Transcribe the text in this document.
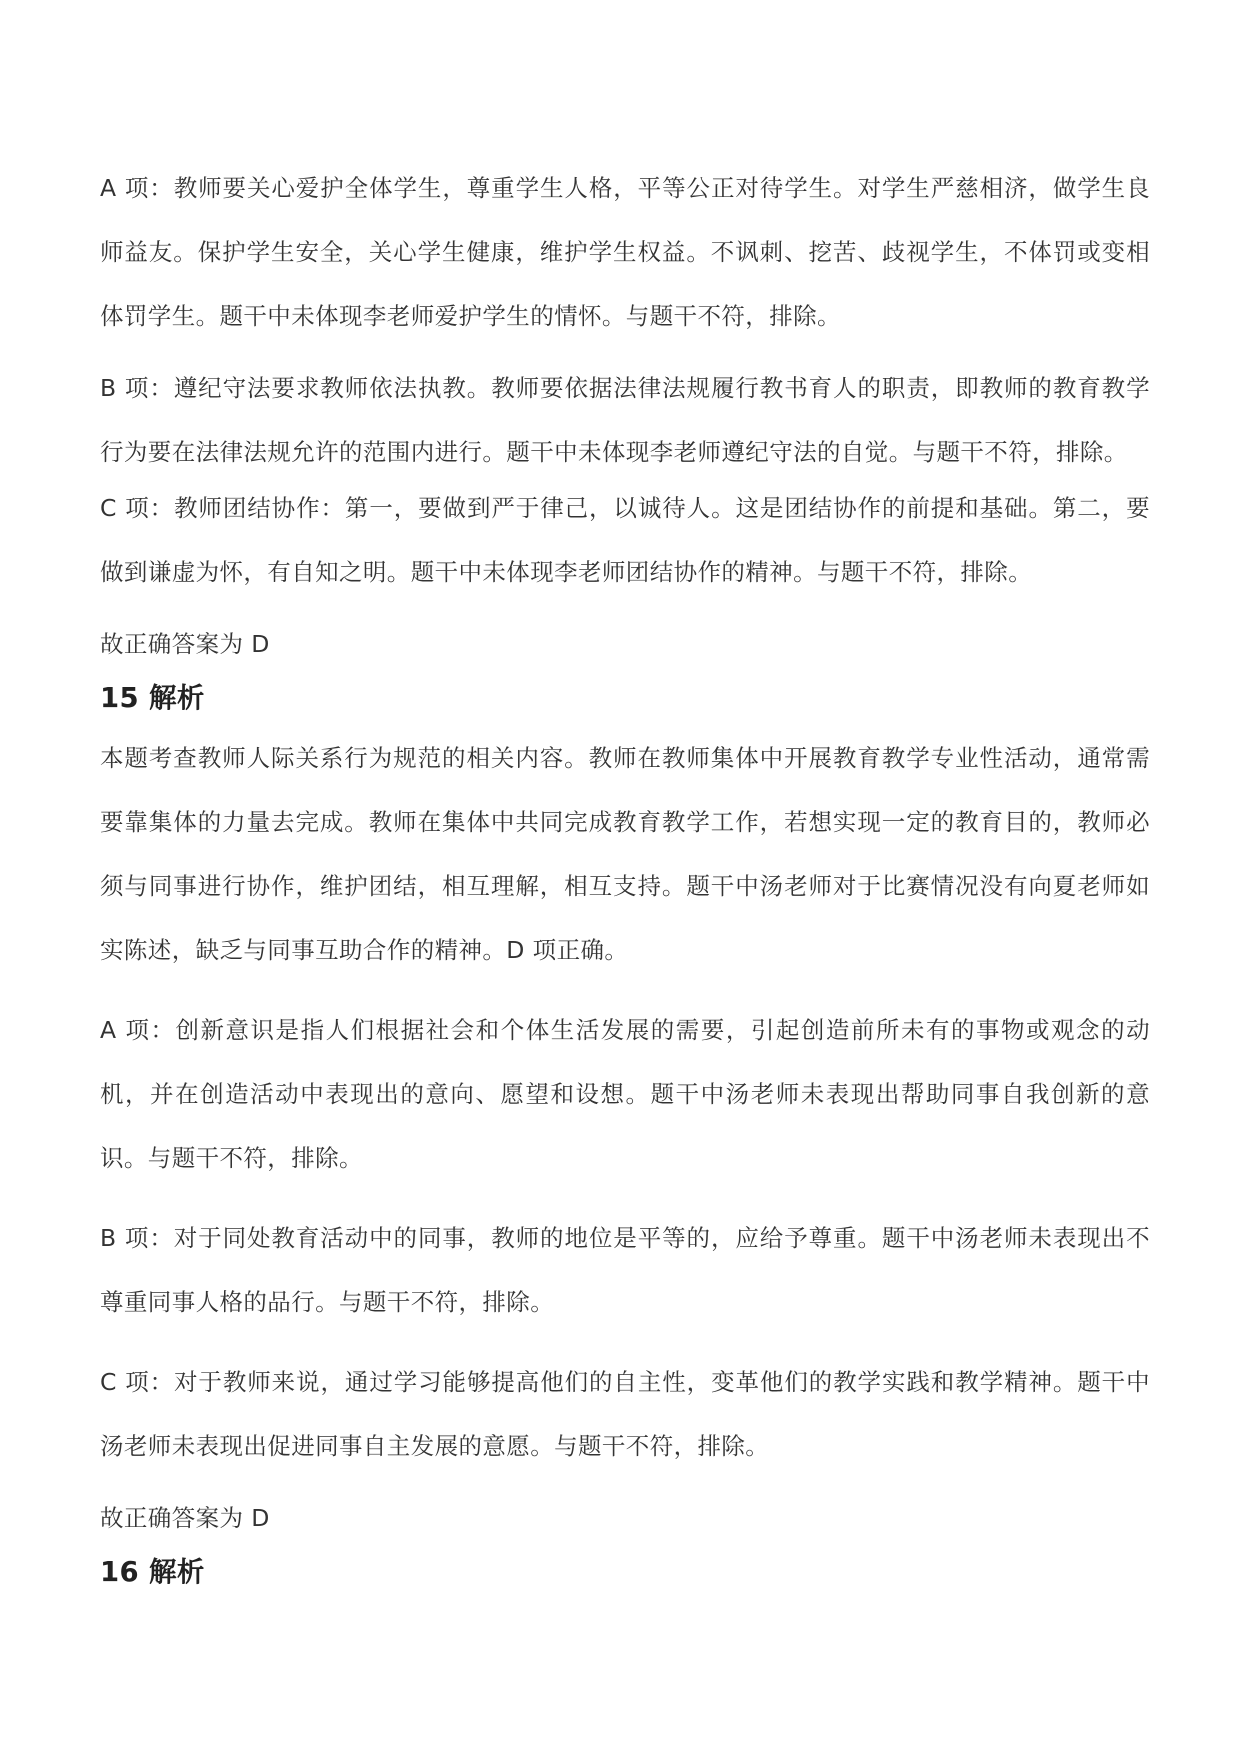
A 项：教师要关心爱护全体学生，尊重学生人格，平等公正对待学生。对学生严慈相济，做学生良师益友。保护学生安全，关心学生健康，维护学生权益。不讽刺、挖苦、歧视学生，不体罚或变相体罚学生。题干中未体现李老师爱护学生的情怀。与题干不符，排除。

B 项：遵纪守法要求教师依法执教。教师要依据法律法规履行教书育人的职责，即教师的教育教学行为要在法律法规允许的范围内进行。题干中未体现李老师遵纪守法的自觉。与题干不符，排除。

C 项：教师团结协作：第一，要做到严于律己，以诚待人。这是团结协作的前提和基础。第二，要做到谦虚为怀，有自知之明。题干中未体现李老师团结协作的精神。与题干不符，排除。

故正确答案为 D

15 解析

本题考查教师人际关系行为规范的相关内容。教师在教师集体中开展教育教学专业性活动，通常需要靠集体的力量去完成。教师在集体中共同完成教育教学工作，若想实现一定的教育目的，教师必须与同事进行协作，维护团结，相互理解，相互支持。题干中汤老师对于比赛情况没有向夏老师如实陈述，缺乏与同事互助合作的精神。D 项正确。

A 项：创新意识是指人们根据社会和个体生活发展的需要，引起创造前所未有的事物或观念的动机，并在创造活动中表现出的意向、愿望和设想。题干中汤老师未表现出帮助同事自我创新的意识。与题干不符，排除。

B 项：对于同处教育活动中的同事，教师的地位是平等的，应给予尊重。题干中汤老师未表现出不尊重同事人格的品行。与题干不符，排除。

C 项：对于教师来说，通过学习能够提高他们的自主性，变革他们的教学实践和教学精神。题干中汤老师未表现出促进同事自主发展的意愿。与题干不符，排除。

故正确答案为 D

16 解析
